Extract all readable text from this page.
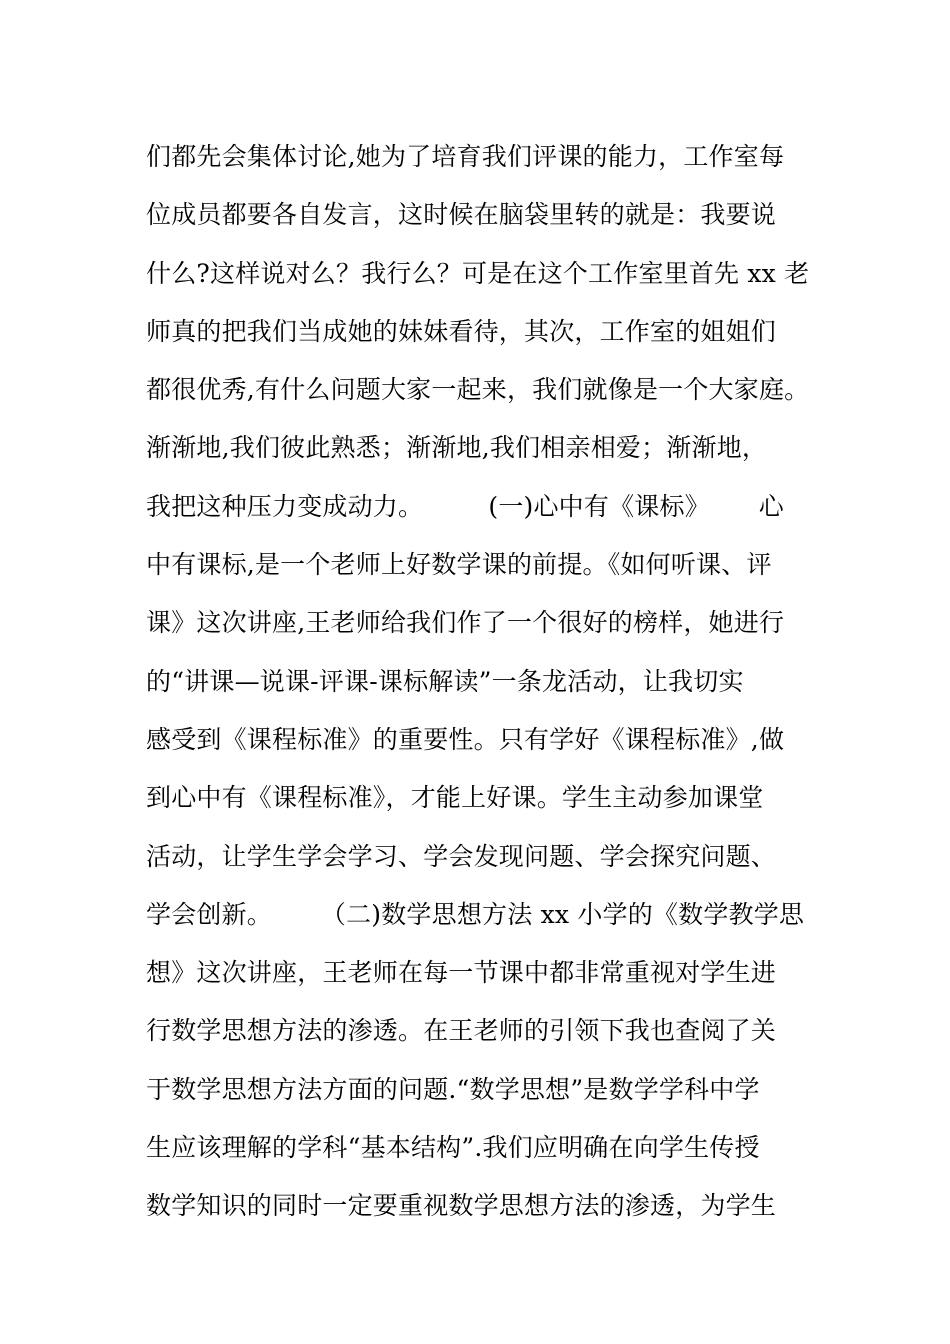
们都先会集体讨论,她为了培育我们评课的能力，工作室每
位成员都要各自发言，这时候在脑袋里转的就是：我要说
什么?这样说对么？我行么？可是在这个工作室里首先 xx 老
师真的把我们当成她的妹妹看待，其次，工作室的姐姐们
都很优秀,有什么问题大家一起来，我们就像是一个大家庭。
渐渐地,我们彼此熟悉；渐渐地,我们相亲相爱；渐渐地，
我把这种压力变成动力。        (一)心中有《课标》      心
中有课标,是一个老师上好数学课的前提。《如何听课、评
课》这次讲座,王老师给我们作了一个很好的榜样，她进行
的“讲课—说课-评课-课标解读”一条龙活动，让我切实
感受到《课程标准》的重要性。只有学好《课程标准》,做
到心中有《课程标准》，才能上好课。学生主动参加课堂
活动，让学生学会学习、学会发现问题、学会探究问题、
学会创新。      （二)数学思想方法 xx 小学的《数学教学思
想》这次讲座，王老师在每一节课中都非常重视对学生进
行数学思想方法的渗透。在王老师的引领下我也查阅了关
于数学思想方法方面的问题.“数学思想”是数学学科中学
生应该理解的学科“基本结构”.我们应明确在向学生传授
数学知识的同时一定要重视数学思想方法的渗透，为学生
